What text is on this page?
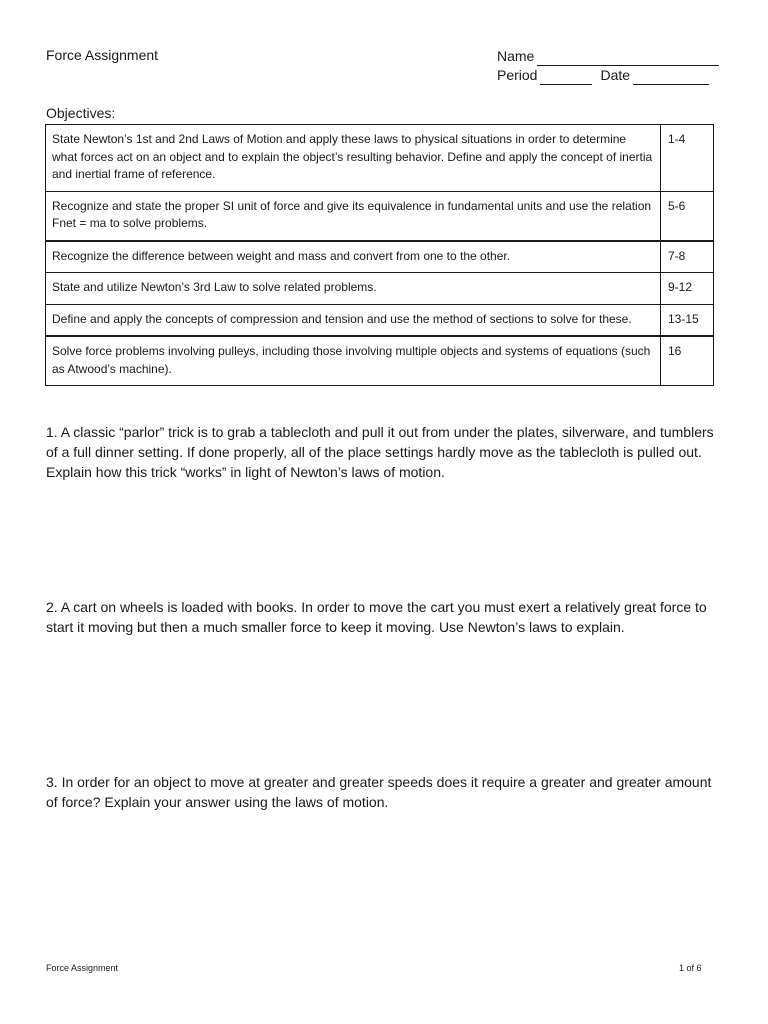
Force Assignment	Name
Period	Date
Objectives:
State Newton’s 1st and 2nd Laws of Motion and apply these laws to physical situations in order to determine what forces act on an object and to explain the object’s resulting behavior. Define and apply the concept of inertia and inertial frame of reference.	1-4
Recognize and state the proper SI unit of force and give its equivalence in fundamental units and use the relation Fnet = ma to solve problems.	5-6
Recognize the difference between weight and mass and convert from one to the other.	7-8
State and utilize Newton’s 3rd Law to solve related problems.	9-12
Define and apply the concepts of compression and tension and use the method of sections to solve for these.	13-15
Solve force problems involving pulleys, including those involving multiple objects and systems of equations (such as Atwood’s machine).	16
1. A classic “parlor” trick is to grab a tablecloth and pull it out from under the plates, silverware, and tumblers of a full dinner setting. If done properly, all of the place settings hardly move as the tablecloth is pulled out. Explain how this trick “works” in light of Newton’s laws of motion.
2. A cart on wheels is loaded with books. In order to move the cart you must exert a relatively great force to start it moving but then a much smaller force to keep it moving. Use Newton’s laws to explain.
3. In order for an object to move at greater and greater speeds does it require a greater and greater amount of force? Explain your answer using the laws of motion.
Force Assignment	1 of 6
